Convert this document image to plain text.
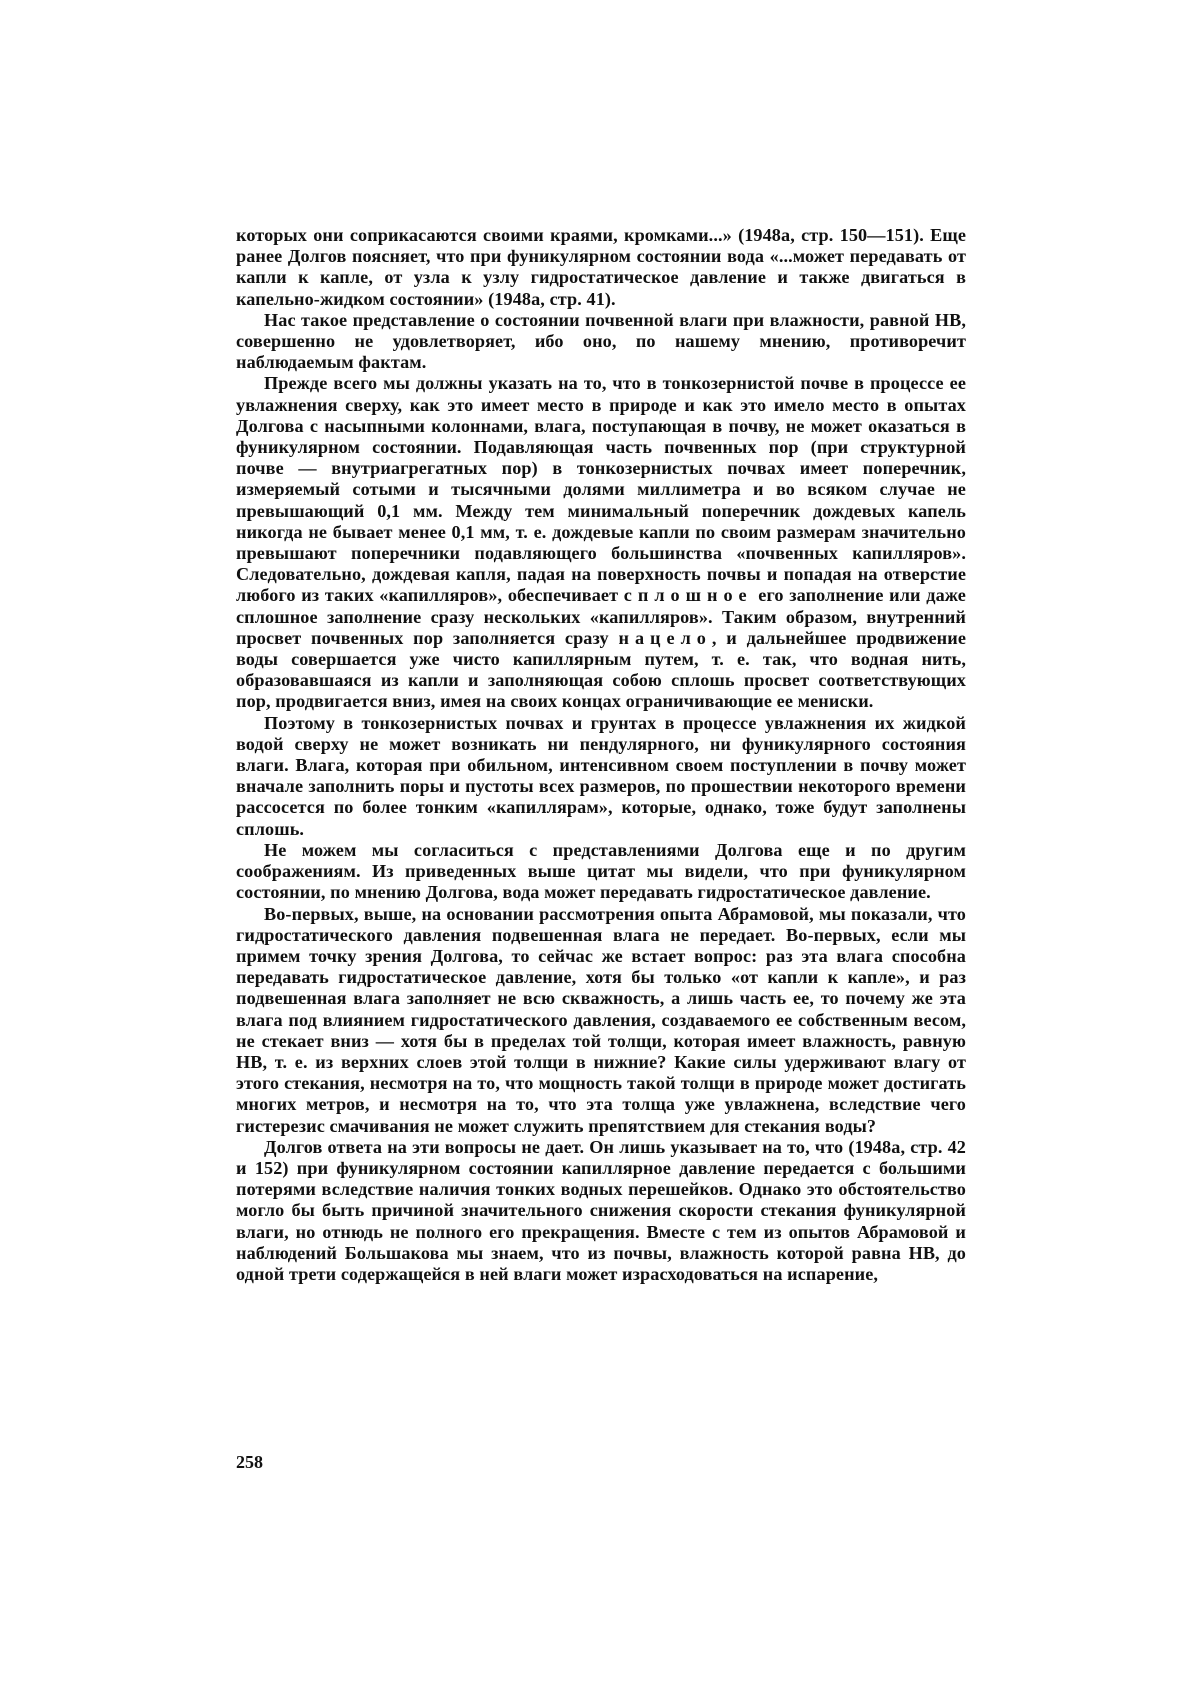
которых они соприкасаются своими краями, кромками...» (1948а, стр. 150—151). Еще ранее Долгов поясняет, что при фуникулярном состоянии вода «...может передавать от капли к капле, от узла к узлу гидростатическое давление и также двигаться в капельно-жидком состоянии» (1948а, стр. 41).

Нас такое представление о состоянии почвенной влаги при влажности, равной НВ, совершенно не удовлетворяет, ибо оно, по нашему мнению, противоречит наблюдаемым фактам.

Прежде всего мы должны указать на то, что в тонкозернистой почве в процессе ее увлажнения сверху, как это имеет место в природе и как это имело место в опытах Долгова с насыпными колоннами, влага, поступающая в почву, не может оказаться в фуникулярном состоянии. Подавляющая часть почвенных пор (при структурной почве — внутриагрегатных пор) в тонкозернистых почвах имеет поперечник, измеряемый сотыми и тысячными долями миллиметра и во всяком случае не превышающий 0,1 мм. Между тем минимальный поперечник дождевых капель никогда не бывает менее 0,1 мм, т. е. дождевые капли по своим размерам значительно превышают поперечники подавляющего большинства «почвенных капилляров». Следовательно, дождевая капля, падая на поверхность почвы и попадая на отверстие любого из таких «капилляров», обеспечивает сплошное его заполнение или даже сплошное заполнение сразу нескольких «капилляров». Таким образом, внутренний просвет почвенных пор заполняется сразу нацело, и дальнейшее продвижение воды совершается уже чисто капиллярным путем, т. е. так, что водная нить, образовавшаяся из капли и заполняющая собою сплошь просвет соответствующих пор, продвигается вниз, имея на своих концах ограничивающие ее мениски.

Поэтому в тонкозернистых почвах и грунтах в процессе увлажнения их жидкой водой сверху не может возникать ни пендулярного, ни фуникулярного состояния влаги. Влага, которая при обильном, интенсивном своем поступлении в почву может вначале заполнить поры и пустоты всех размеров, по прошествии некоторого времени рассосется по более тонким «капиллярам», которые, однако, тоже будут заполнены сплошь.

Не можем мы согласиться с представлениями Долгова еще и по другим соображениям. Из приведенных выше цитат мы видели, что при фуникулярном состоянии, по мнению Долгова, вода может передавать гидростатическое давление.

Во-первых, выше, на основании рассмотрения опыта Абрамовой, мы показали, что гидростатического давления подвешенная влага не передает. Во-первых, если мы примем точку зрения Долгова, то сейчас же встает вопрос: раз эта влага способна передавать гидростатическое давление, хотя бы только «от капли к капле», и раз подвешенная влага заполняет не всю скважность, а лишь часть ее, то почему же эта влага под влиянием гидростатического давления, создаваемого ее собственным весом, не стекает вниз — хотя бы в пределах той толщи, которая имеет влажность, равную НВ, т. е. из верхних слоев этой толщи в нижние? Какие силы удерживают влагу от этого стекания, несмотря на то, что мощность такой толщи в природе может достигать многих метров, и несмотря на то, что эта толща уже увлажнена, вследствие чего гистерезис смачивания не может служить препятствием для стекания воды?

Долгов ответа на эти вопросы не дает. Он лишь указывает на то, что (1948а, стр. 42 и 152) при фуникулярном состоянии капиллярное давление передается с большими потерями вследствие наличия тонких водных перешейков. Однако это обстоятельство могло бы быть причиной значительного снижения скорости стекания фуникулярной влаги, но отнюдь не полного его прекращения. Вместе с тем из опытов Абрамовой и наблюдений Большакова мы знаем, что из почвы, влажность которой равна НВ, до одной трети содержащейся в ней влаги может израсходоваться на испарение,

258
